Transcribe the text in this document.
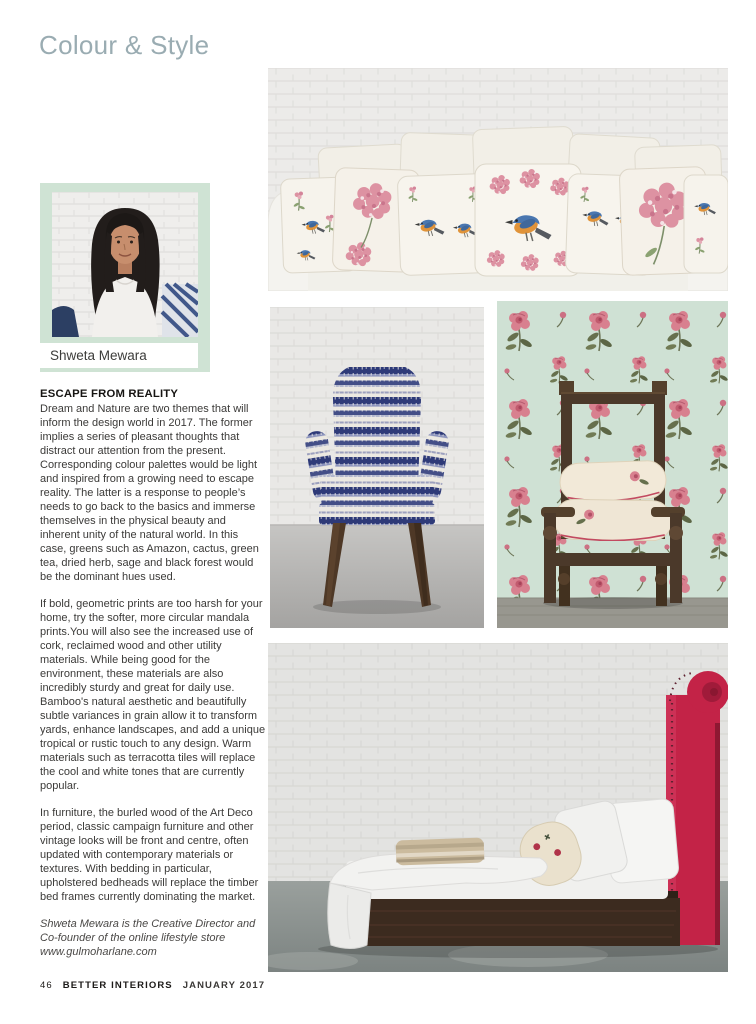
Colour & Style
Shweta Mewara
ESCAPE FROM REALITY

Dream and Nature are two themes that will inform the design world in 2017. The former implies a series of pleasant thoughts that distract our attention from the present. Corresponding colour palettes would be light and inspired from a growing need to escape reality. The latter is a response to people’s needs to go back to the basics and immerse themselves in the physical beauty and inherent unity of the natural world. In this case, greens such as Amazon, cactus, green tea, dried herb, sage and black forest would be the dominant hues used.

If bold, geometric prints are too harsh for your home, try the softer, more circular mandala prints.You will also see the increased use of cork, reclaimed wood and other utility materials. While being good for the environment, these materials are also incredibly sturdy and great for daily use. Bamboo's natural aesthetic and beautifully subtle variances in grain allow it to transform yards, enhance landscapes, and add a unique tropical or rustic touch to any design. Warm materials such as terracotta tiles will replace the cool and white tones that are currently popular.

In furniture, the burled wood of the Art Deco period, classic campaign furniture and other vintage looks will be front and centre, often updated with contemporary materials or textures. With bedding in particular, upholstered bedheads will replace the timber bed frames currently dominating the market.

Shweta Mewara is the Creative Director and Co-founder of the online lifestyle store www.gulmoharlane.com

46 BETTER INTERIORS JANUARY 2017
